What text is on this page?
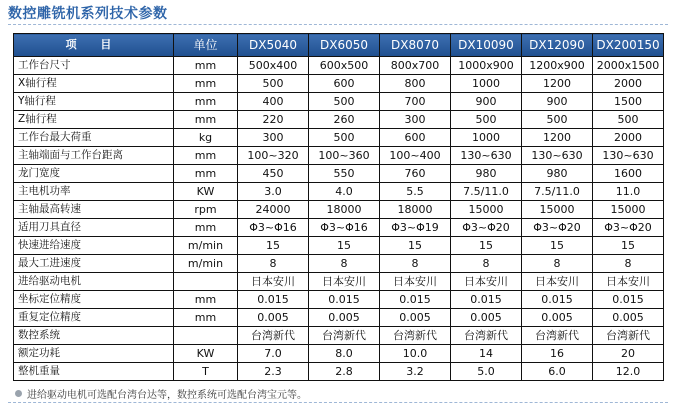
数控雕铣机系列技术参数
项 目	单位	DX5040	DX6050	DX8070	DX10090	DX12090	DX200150
工作台尺寸	mm	500x400	600x500	800x700	1000x900	1200x900	2000x1500
X轴行程	mm	500	600	800	1000	1200	2000
Y轴行程	mm	400	500	700	900	900	1500
Z轴行程	mm	220	260	300	500	500	500
工作台最大荷重	kg	300	500	600	1000	1200	2000
主轴端面与工作台距离	mm	100~320	100~360	100~400	130~630	130~630	130~630
龙门宽度	mm	450	550	760	980	980	1600
主电机功率	KW	3.0	4.0	5.5	7.5/11.0	7.5/11.0	11.0
主轴最高转速	rpm	24000	18000	18000	15000	15000	15000
适用刀具直径	mm	Φ3~Φ16	Φ3~Φ16	Φ3~Φ19	Φ3~Φ20	Φ3~Φ20	Φ3~Φ20
快速进给速度	m/min	15	15	15	15	15	15
最大工进速度	m/min	8	8	8	8	8	8
进给驱动电机		日本安川	日本安川	日本安川	日本安川	日本安川	日本安川
坐标定位精度	mm	0.015	0.015	0.015	0.015	0.015	0.015
重复定位精度	mm	0.005	0.005	0.005	0.005	0.005	0.005
数控系统		台湾新代	台湾新代	台湾新代	台湾新代	台湾新代	台湾新代
额定功耗	KW	7.0	8.0	10.0	14	16	20
整机重量	T	2.3	2.8	3.2	5.0	6.0	12.0
进给驱动电机可选配台湾台达等，数控系统可选配台湾宝元等。
